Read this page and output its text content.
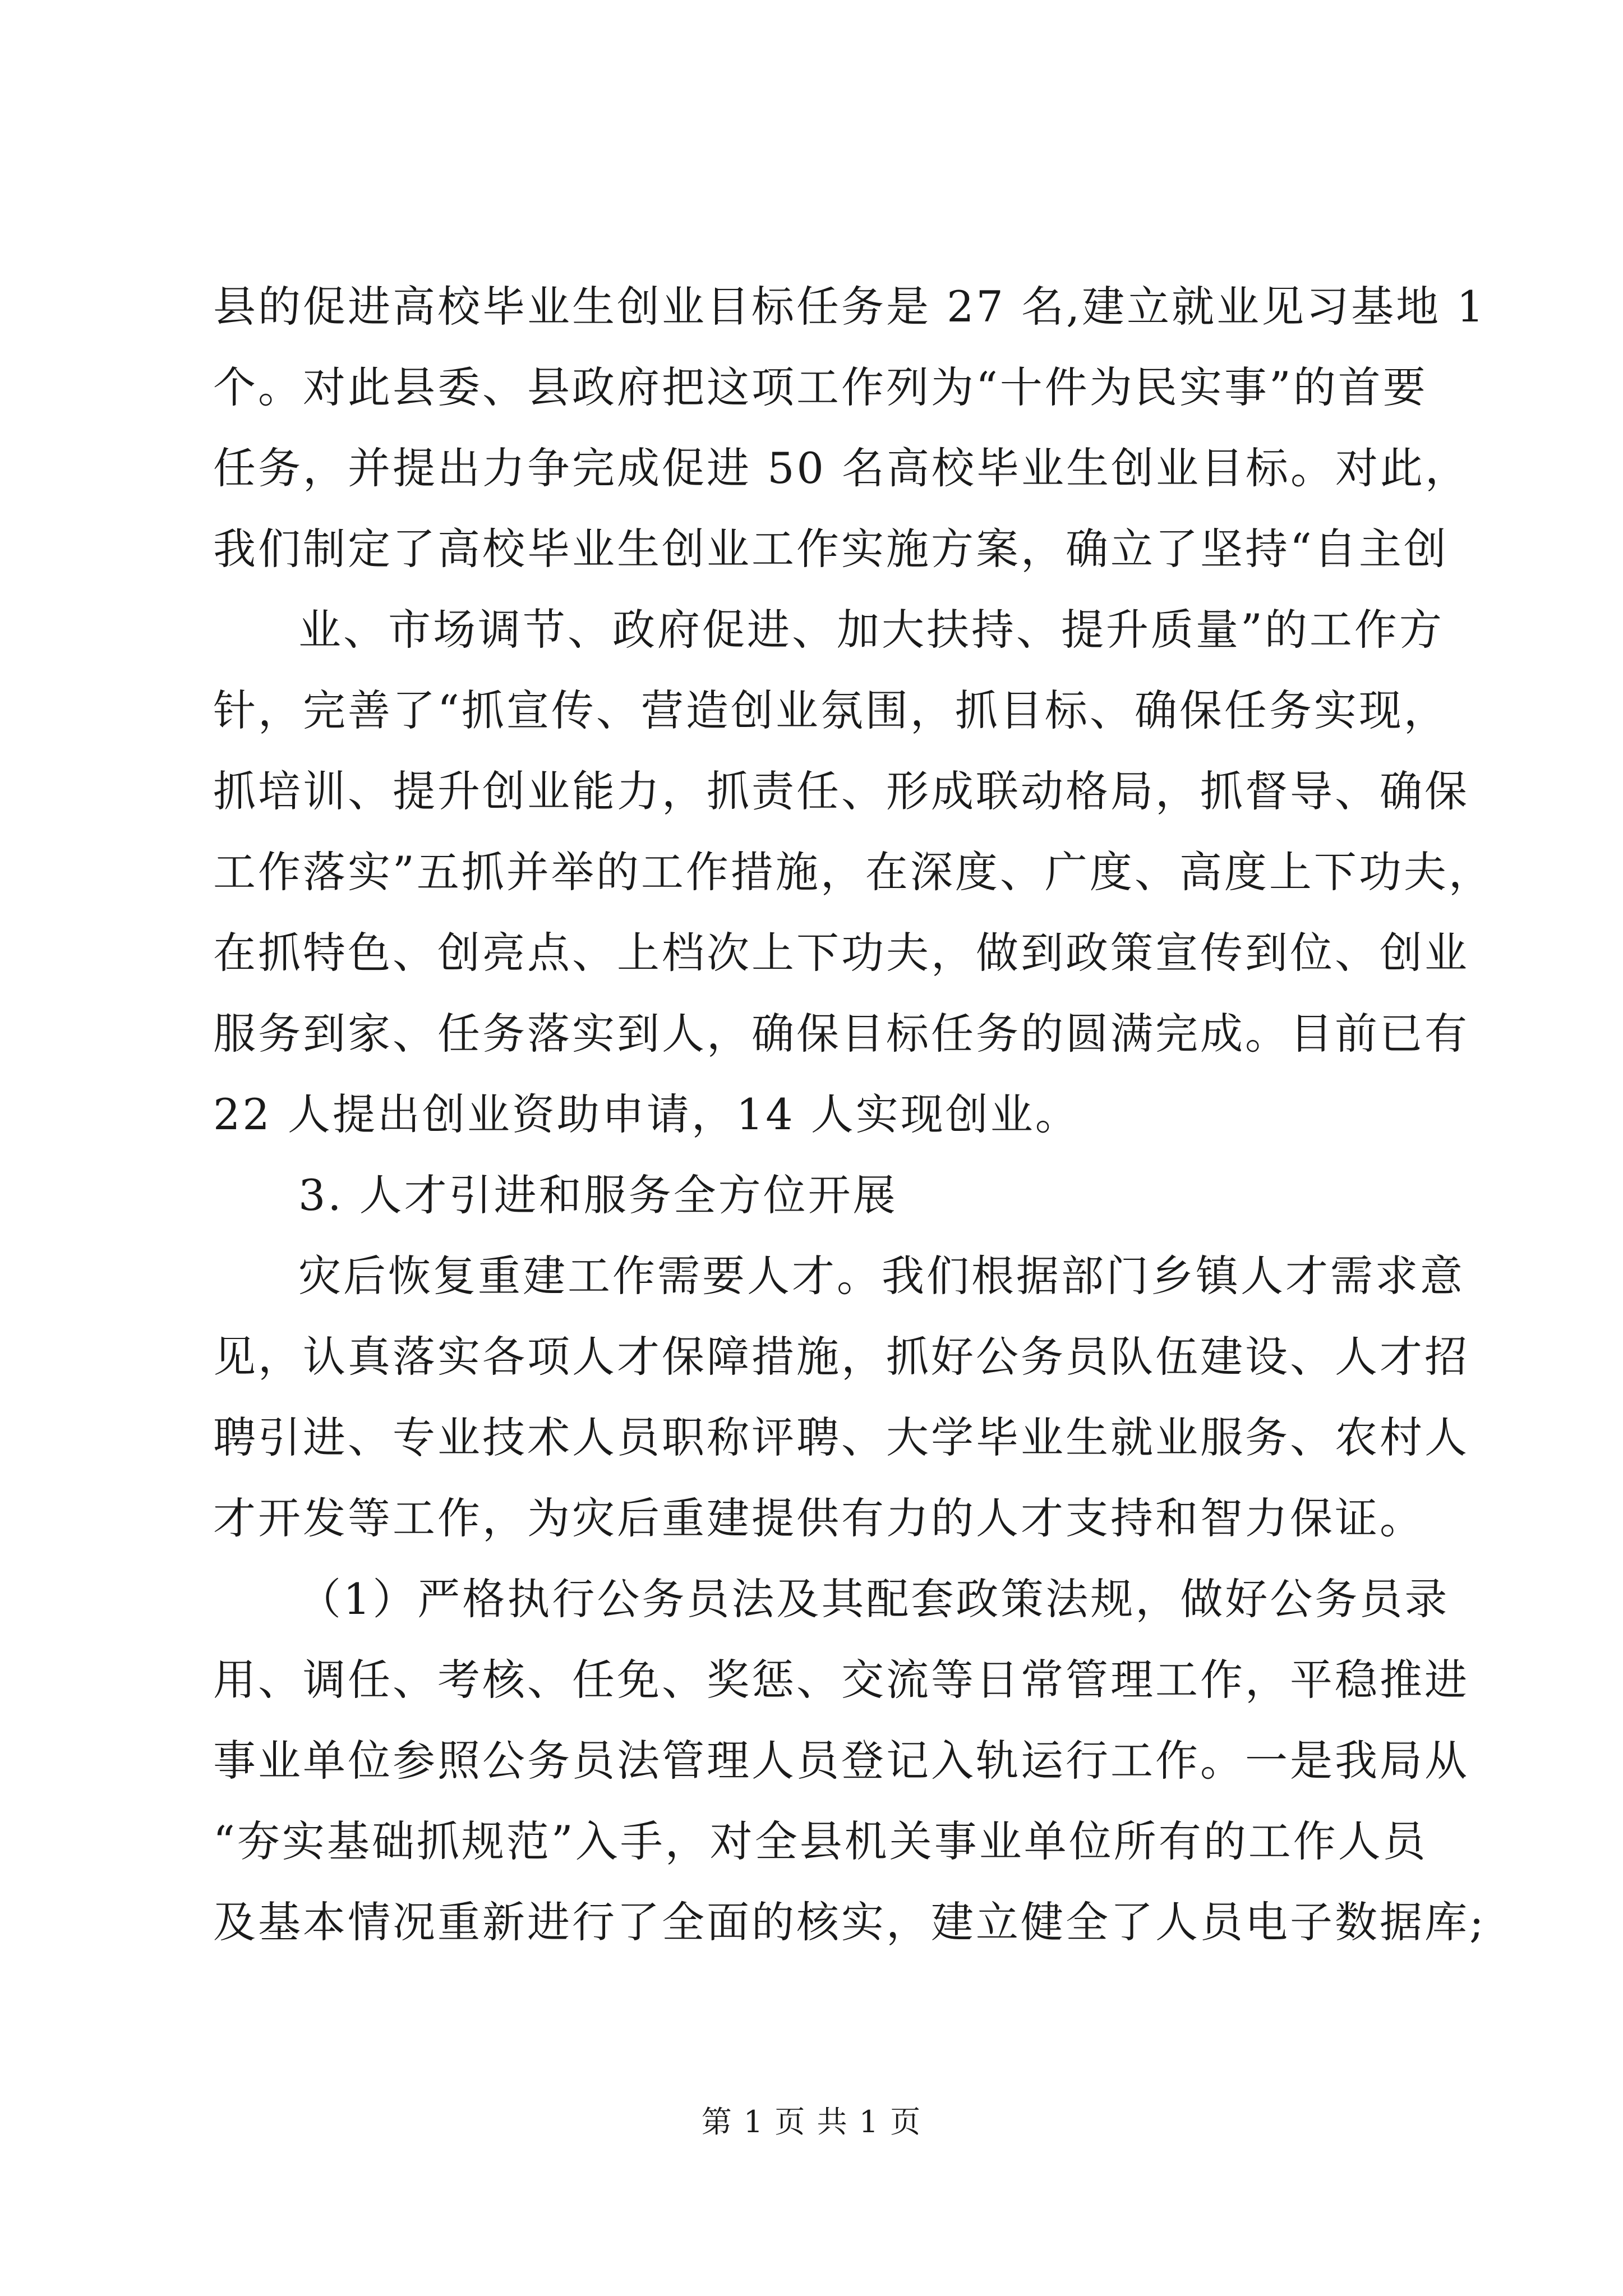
县的促进高校毕业生创业目标任务是 27 名,建立就业见习基地 1
个。对此县委、县政府把这项工作列为“十件为民实事”的首要
任务，并提出力争完成促进 50 名高校毕业生创业目标。对此，
我们制定了高校毕业生创业工作实施方案，确立了坚持“自主创
业、市场调节、政府促进、加大扶持、提升质量”的工作方
针，完善了“抓宣传、营造创业氛围，抓目标、确保任务实现，
抓培训、提升创业能力，抓责任、形成联动格局，抓督导、确保
工作落实”五抓并举的工作措施，在深度、广度、高度上下功夫，
在抓特色、创亮点、上档次上下功夫，做到政策宣传到位、创业
服务到家、任务落实到人，确保目标任务的圆满完成。目前已有
22 人提出创业资助申请，14 人实现创业。
3. 人才引进和服务全方位开展
灾后恢复重建工作需要人才。我们根据部门乡镇人才需求意
见，认真落实各项人才保障措施，抓好公务员队伍建设、人才招
聘引进、专业技术人员职称评聘、大学毕业生就业服务、农村人
才开发等工作，为灾后重建提供有力的人才支持和智力保证。
（1）严格执行公务员法及其配套政策法规，做好公务员录
用、调任、考核、任免、奖惩、交流等日常管理工作，平稳推进
事业单位参照公务员法管理人员登记入轨运行工作。一是我局从
“夯实基础抓规范”入手，对全县机关事业单位所有的工作人员
及基本情况重新进行了全面的核实，建立健全了人员电子数据库;
第 1 页 共 1 页
